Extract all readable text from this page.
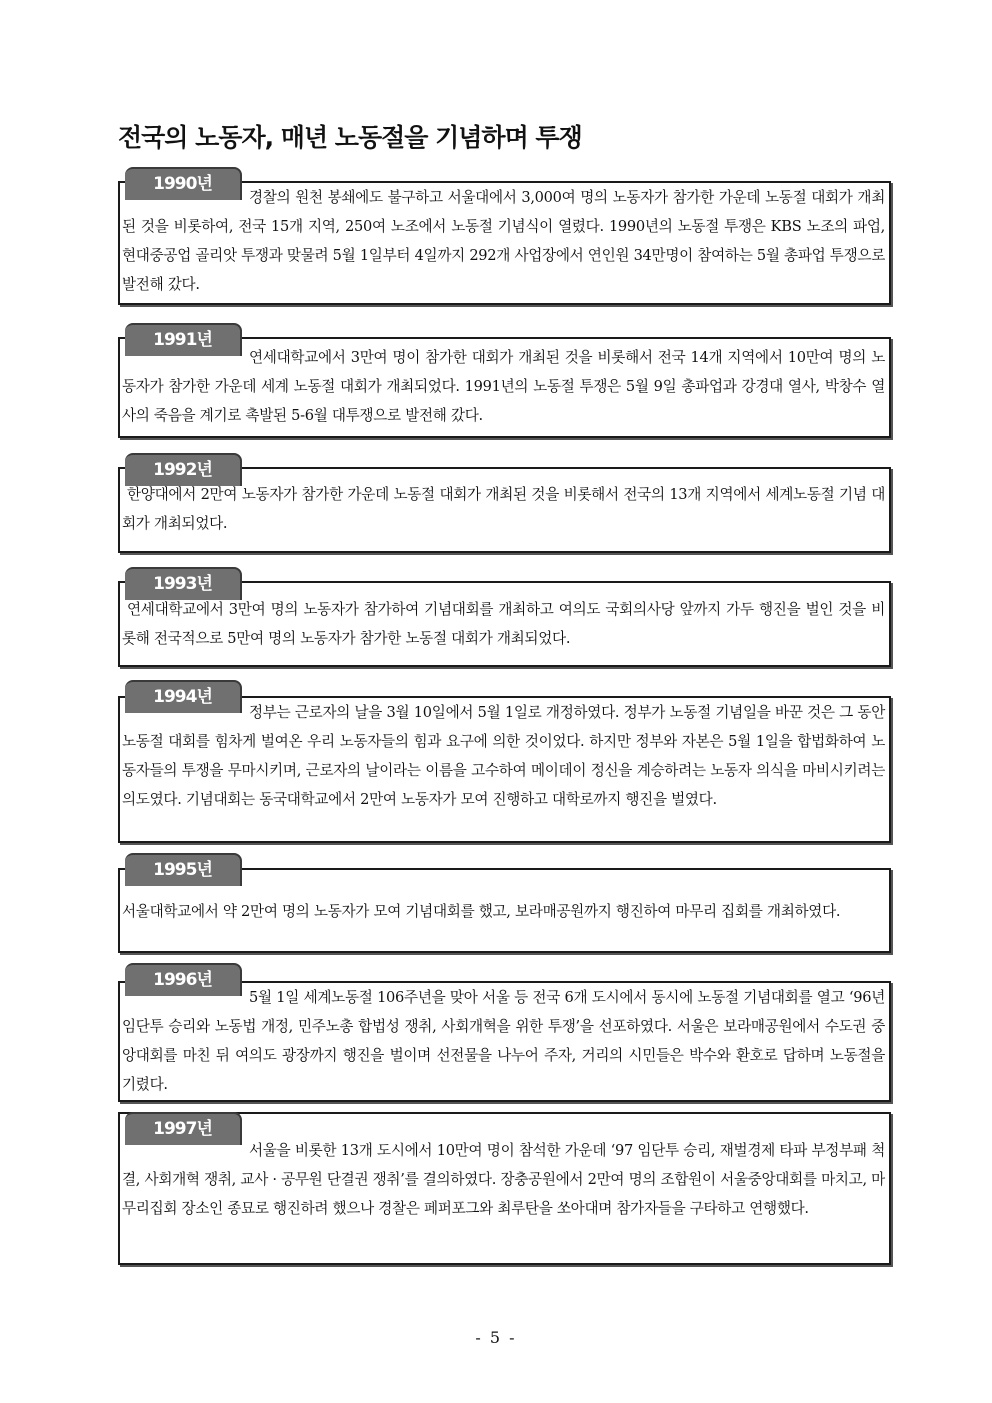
전국의 노동자, 매년 노동절을 기념하며 투쟁
1990년
경찰의 원천 봉쇄에도 불구하고 서울대에서 3,000여 명의 노동자가 참가한 가운데 노동절 대회가 개최된 것을 비롯하여, 전국 15개 지역, 250여 노조에서 노동절 기념식이 열렸다. 1990년의 노동절 투쟁은 KBS 노조의 파업, 현대중공업 골리앗 투쟁과 맞물려 5월 1일부터 4일까지 292개 사업장에서 연인원 34만명이 참여하는 5월 총파업 투쟁으로 발전해 갔다.
1991년
연세대학교에서 3만여 명이 참가한 대회가 개최된 것을 비롯해서 전국 14개 지역에서 10만여 명의 노동자가 참가한 가운데 세계 노동절 대회가 개최되었다. 1991년의 노동절 투쟁은 5월 9일 총파업과 강경대 열사, 박창수 열사의 죽음을 계기로 촉발된 5-6월 대투쟁으로 발전해 갔다.
1992년
한양대에서 2만여 노동자가 참가한 가운데 노동절 대회가 개최된 것을 비롯해서 전국의 13개 지역에서 세계노동절 기념 대회가 개최되었다.
1993년
연세대학교에서 3만여 명의 노동자가 참가하여 기념대회를 개최하고 여의도 국회의사당 앞까지 가두 행진을 벌인 것을 비롯해 전국적으로 5만여 명의 노동자가 참가한 노동절 대회가 개최되었다.
1994년
정부는 근로자의 날을 3월 10일에서 5월 1일로 개정하였다. 정부가 노동절 기념일을 바꾼 것은 그 동안 노동절 대회를 힘차게 벌여온 우리 노동자들의 힘과 요구에 의한 것이었다. 하지만 정부와 자본은 5월 1일을 합법화하여 노동자들의 투쟁을 무마시키며, 근로자의 날이라는 이름을 고수하여 메이데이 정신을 계승하려는 노동자 의식을 마비시키려는 의도였다. 기념대회는 동국대학교에서 2만여 노동자가 모여 진행하고 대학로까지 행진을 벌였다.
1995년
서울대학교에서 약 2만여 명의 노동자가 모여 기념대회를 했고, 보라매공원까지 행진하여 마무리 집회를 개최하였다.
1996년
5월 1일 세계노동절 106주년을 맞아 서울 등 전국 6개 도시에서 동시에 노동절 기념대회를 열고 ‘96년 임단투 승리와 노동법 개정, 민주노총 합법성 쟁취, 사회개혁을 위한 투쟁’을 선포하였다. 서울은 보라매공원에서 수도권 중앙대회를 마친 뒤 여의도 광장까지 행진을 벌이며 선전물을 나누어 주자, 거리의 시민들은 박수와 환호로 답하며 노동절을 기렸다.
1997년
서울을 비롯한 13개 도시에서 10만여 명이 참석한 가운데 ‘97 임단투 승리, 재벌경제 타파 부정부패 척결, 사회개혁 쟁취, 교사 · 공무원 단결권 쟁취’를 결의하였다. 장충공원에서 2만여 명의 조합원이 서울중앙대회를 마치고, 마무리집회 장소인 종묘로 행진하려 했으나 경찰은 페퍼포그와 최루탄을 쏘아대며 참가자들을 구타하고 연행했다.
- 5 -
